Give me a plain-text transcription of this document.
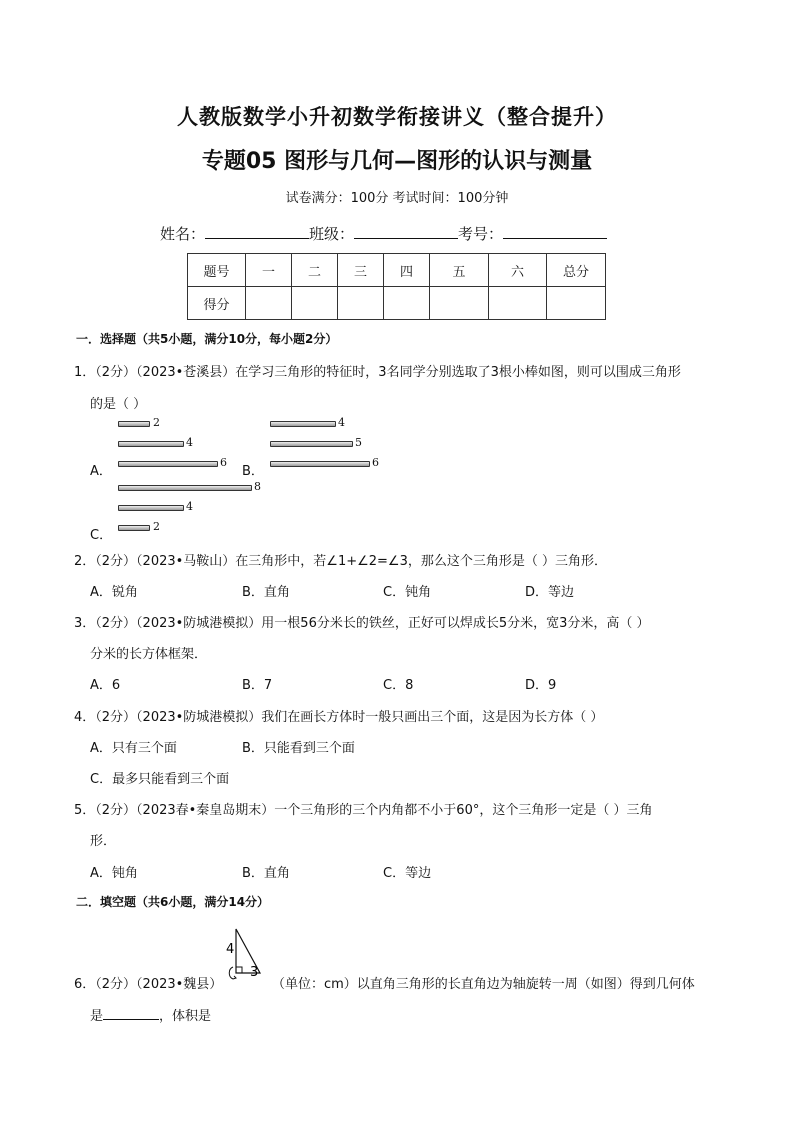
人教版数学小升初数学衔接讲义（整合提升）
专题05 图形与几何—图形的认识与测量
试卷满分：100分 考试时间：100分钟
姓名：	班级：	考号：
题号	一	二	三	四	五	六	总分
得分							
一．选择题（共5小题，满分10分，每小题2分）
1．（2分）（2023•苍溪县）在学习三角形的特征时，3名同学分别选取了3根小棒如图，则可以围成三角形
的是（ ）
2
4
6
4
5
6
A．	B．
8
4
2
C．
2．（2分）（2023•马鞍山）在三角形中，若∠1+∠2=∠3，那么这个三角形是（ ）三角形．
A．锐角	B．直角	C．钝角	D．等边
3．（2分）（2023•防城港模拟）用一根56分米长的铁丝，正好可以焊成长5分米，宽3分米，高（ ）
分米的长方体框架．
A．6	B．7	C．8	D．9
4．（2分）（2023•防城港模拟）我们在画长方体时一般只画出三个面，这是因为长方体（ ）
A．只有三个面	B．只能看到三个面
C．最多只能看到三个面
5．（2分）（2023春•秦皇岛期末）一个三角形的三个内角都不小于60°，这个三角形一定是（ ）三角
形．
A．钝角	B．直角	C．等边
二．填空题（共6小题，满分14分）
6．（2分）（2023•魏县）
4
3
（单位：cm）以直角三角形的长直角边为轴旋转一周（如图）得到几何体
是	，体积是
